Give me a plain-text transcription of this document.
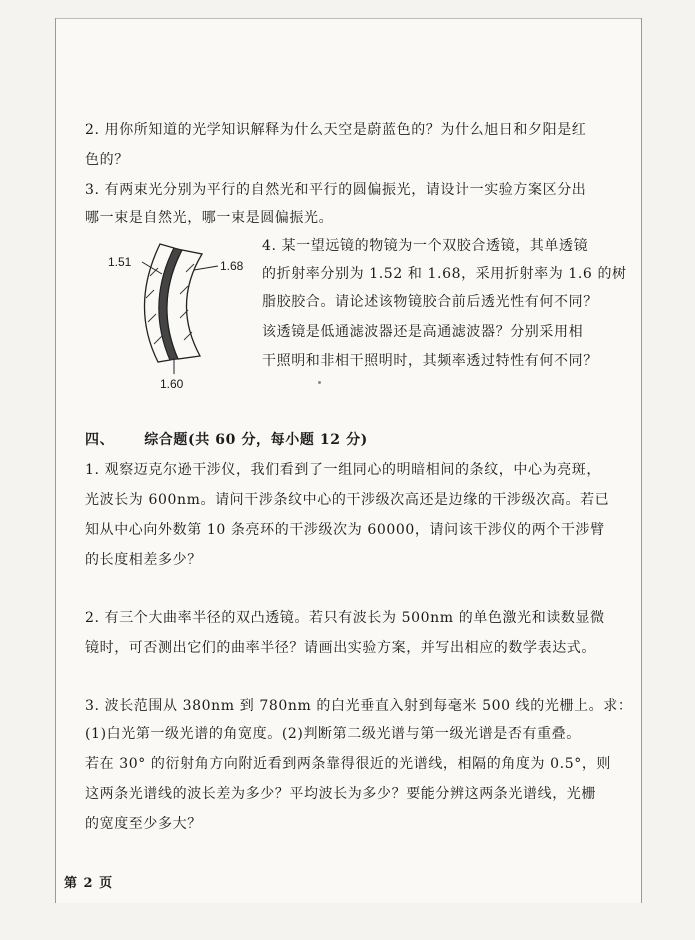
2. 用你所知道的光学知识解释为什么天空是蔚蓝色的？为什么旭日和夕阳是红
色的？
3. 有两束光分别为平行的自然光和平行的圆偏振光，请设计一实验方案区分出
哪一束是自然光，哪一束是圆偏振光。
1.51	1.68
1.60
4. 某一望远镜的物镜为一个双胶合透镜，其单透镜
的折射率分别为 1.52 和 1.68，采用折射率为 1.6 的树
脂胶胶合。请论述该物镜胶合前后透光性有何不同？
该透镜是低通滤波器还是高通滤波器？分别采用相
干照明和非相干照明时，其频率透过特性有何不同？
四、 综合题(共 60 分，每小题 12 分)
1. 观察迈克尔逊干涉仪，我们看到了一组同心的明暗相间的条纹，中心为亮斑，
光波长为 600nm。请问干涉条纹中心的干涉级次高还是边缘的干涉级次高。若已
知从中心向外数第 10 条亮环的干涉级次为 60000，请问该干涉仪的两个干涉臂
的长度相差多少？
2. 有三个大曲率半径的双凸透镜。若只有波长为 500nm 的单色激光和读数显微
镜时，可否测出它们的曲率半径？请画出实验方案，并写出相应的数学表达式。
3. 波长范围从 380nm 到 780nm 的白光垂直入射到每毫米 500 线的光栅上。求：
(1)白光第一级光谱的角宽度。(2)判断第二级光谱与第一级光谱是否有重叠。
若在 30° 的衍射角方向附近看到两条靠得很近的光谱线，相隔的角度为 0.5°，则
这两条光谱线的波长差为多少？平均波长为多少？要能分辨这两条光谱线，光栅
的宽度至少多大？
第 2 页
